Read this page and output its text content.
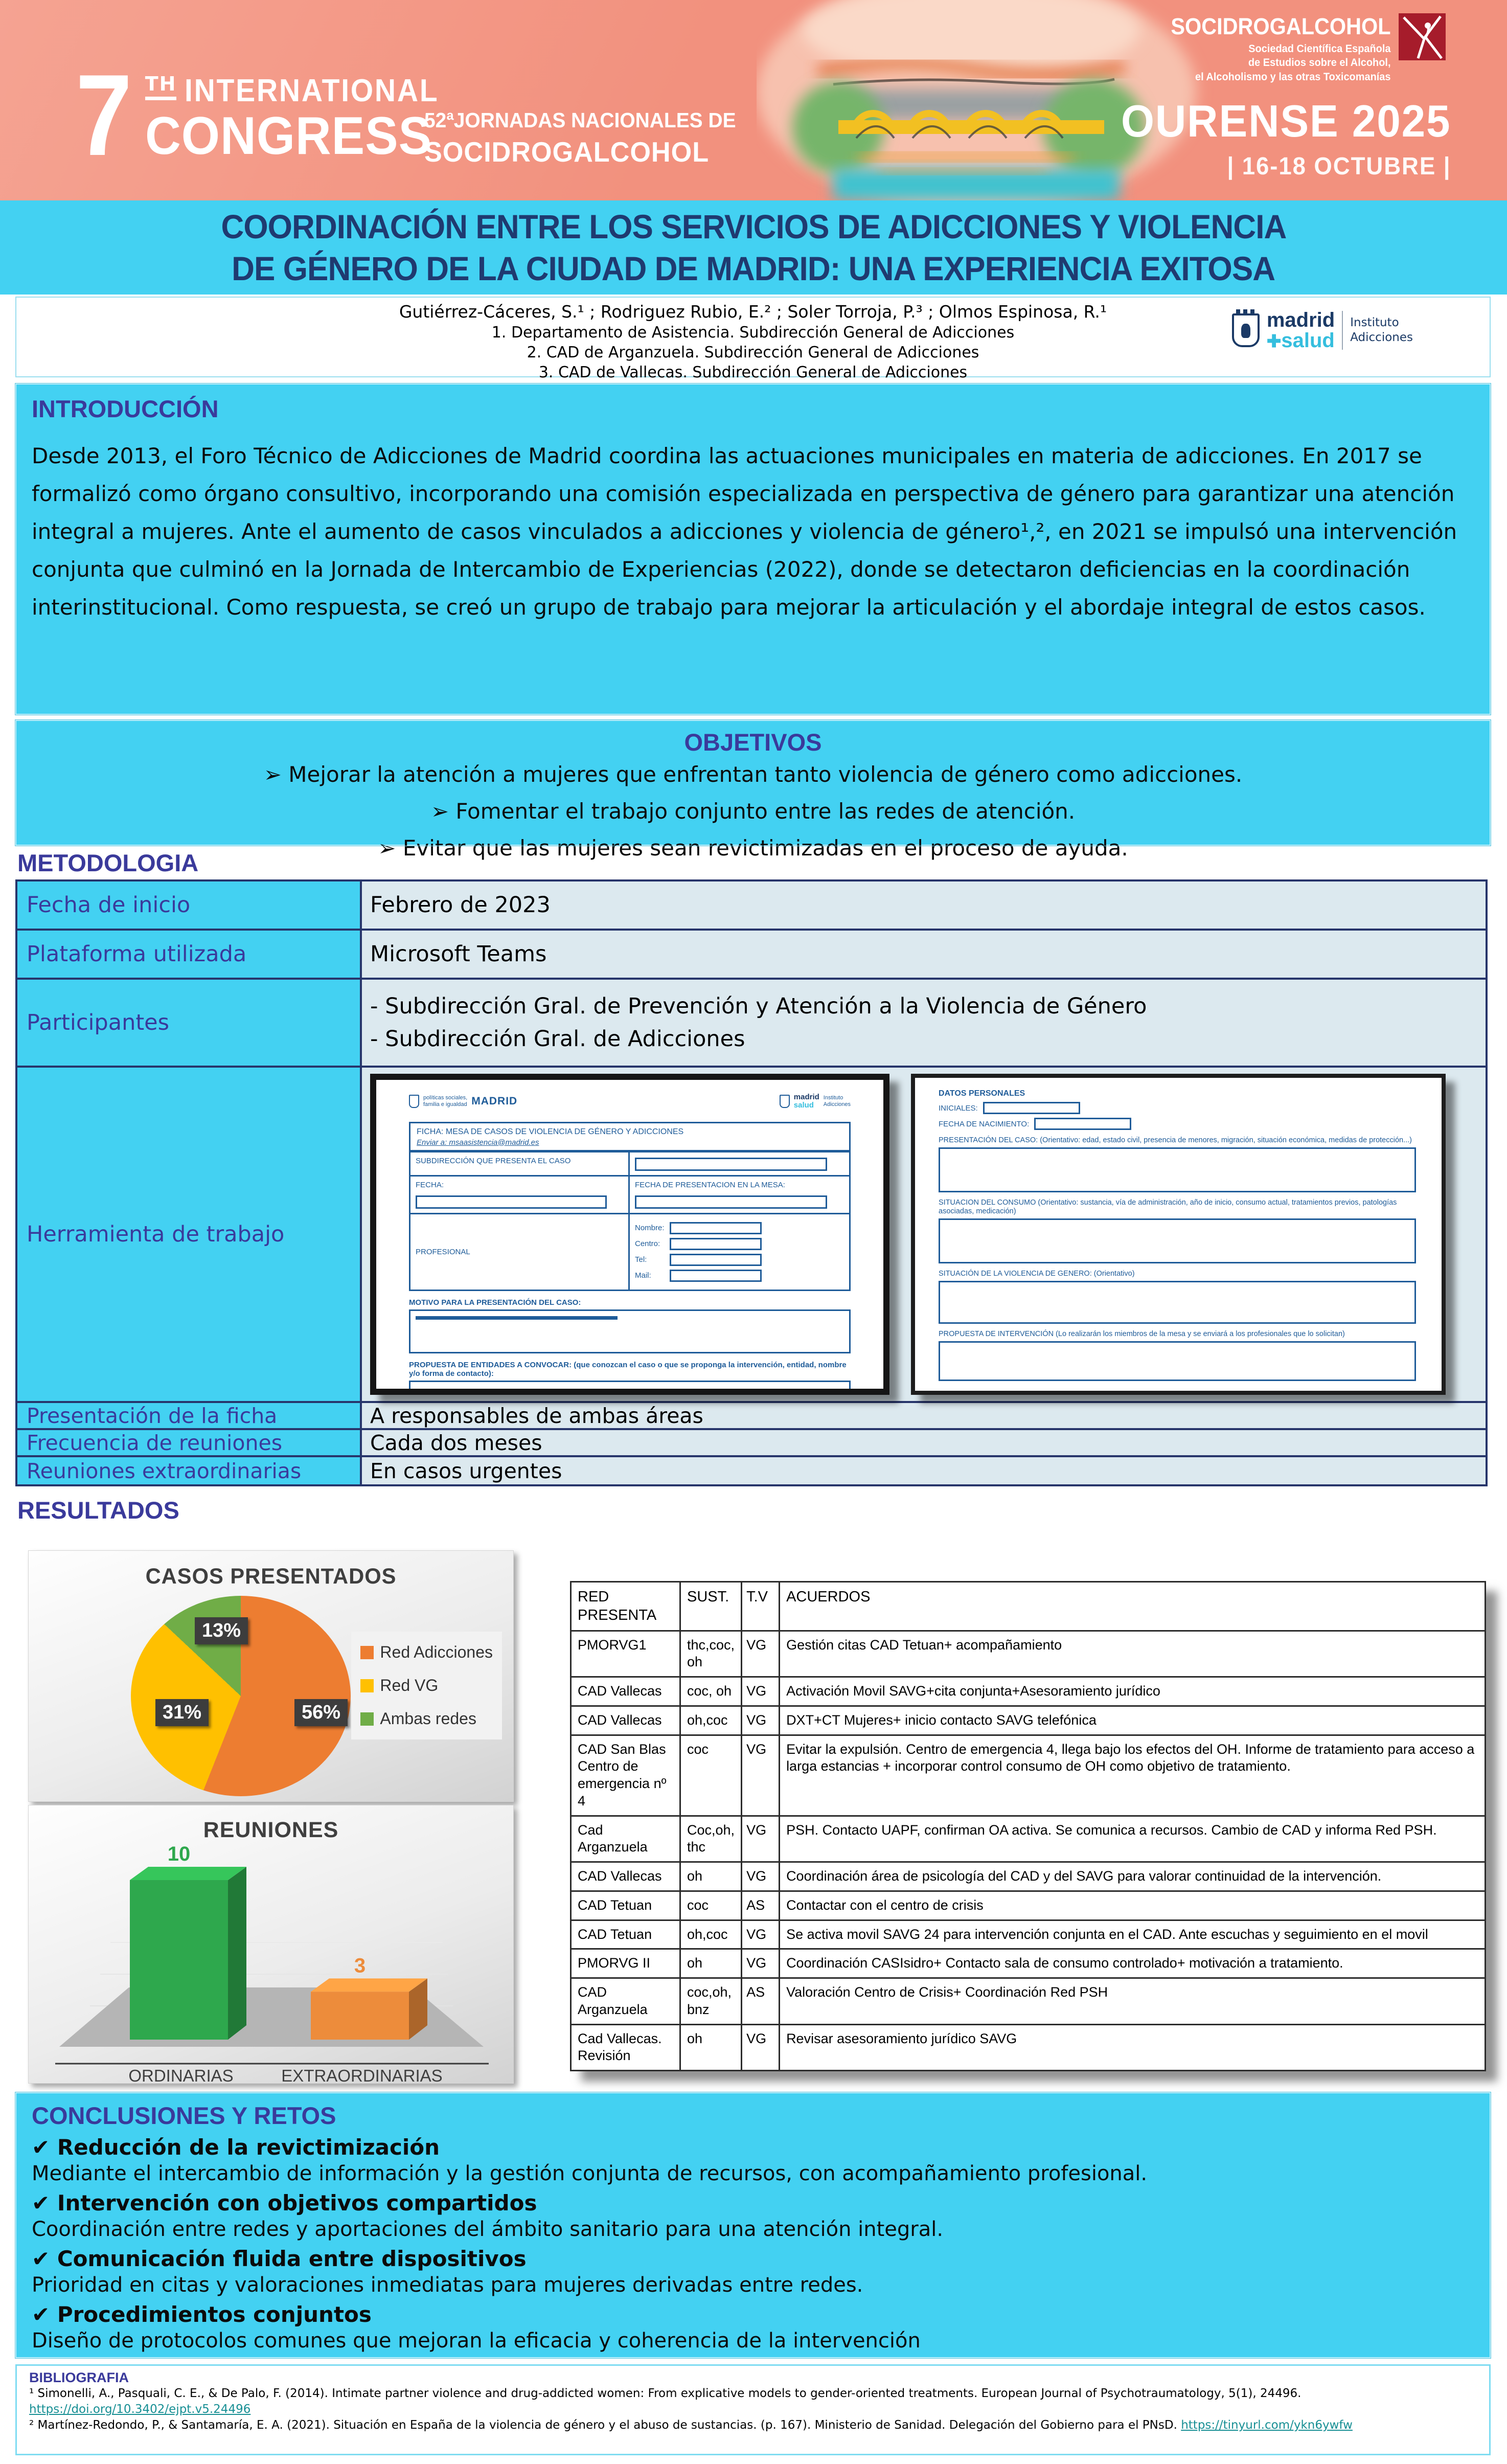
7 TH INTERNATIONAL
CONGRESS
52ªJORNADAS NACIONALES DE
SOCIDROGALCOHOL
OURENSE 2025
| 16-18 OCTUBRE |
SOCIDROGALCOHOL
Sociedad Científica Española
de Estudios sobre el Alcohol,
el Alcoholismo y las otras Toxicomanías
COORDINACIÓN ENTRE LOS SERVICIOS DE ADICCIONES Y VIOLENCIA
DE GÉNERO DE LA CIUDAD DE MADRID: UNA EXPERIENCIA EXITOSA
Gutiérrez-Cáceres, S.¹ ; Rodriguez Rubio, E.² ; Soler Torroja, P.³ ; Olmos Espinosa, R.¹
1. Departamento de Asistencia. Subdirección General de Adicciones
2. CAD de Arganzuela. Subdirección General de Adicciones
3. CAD de Vallecas. Subdirección General de Adicciones
madrid
✚salud
Instituto
Adicciones
INTRODUCCIÓN
Desde 2013, el Foro Técnico de Adicciones de Madrid coordina las actuaciones municipales en materia de adicciones. En 2017 se formalizó como órgano consultivo, incorporando una comisión especializada en perspectiva de género para garantizar una atención integral a mujeres. Ante el aumento de casos vinculados a adicciones y violencia de género¹,², en 2021 se impulsó una intervención conjunta que culminó en la Jornada de Intercambio de Experiencias (2022), donde se detectaron deficiencias en la coordinación interinstitucional. Como respuesta, se creó un grupo de trabajo para mejorar la articulación y el abordaje integral de estos casos.
OBJETIVOS
➢ Mejorar la atención a mujeres que enfrentan tanto violencia de género como adicciones.
➢ Fomentar el trabajo conjunto entre las redes de atención.
➢ Evitar que las mujeres sean revictimizadas en el proceso de ayuda.
METODOLOGIA
Fecha de inicio	Febrero de 2023
Plataforma utilizada	Microsoft Teams
Participantes
- Subdirección Gral. de Prevención y Atención a la Violencia de Género
- Subdirección Gral. de Adicciones
Herramienta de trabajo
políticas sociales,
familia e igualdad MADRID	madrid
salud
Instituto
Adicciones
FICHA: MESA DE CASOS DE VIOLENCIA DE GÉNERO Y ADICCIONES
Enviar a: msaasistencia@madrid.es
SUBDIRECCIÓN QUE PRESENTA EL CASO
FECHA:	FECHA DE PRESENTACION EN LA MESA:
PROFESIONAL
Nombre:
Centro:
Tel:
Mail:
MOTIVO PARA LA PRESENTACIÓN DEL CASO:
PROPUESTA DE ENTIDADES A CONVOCAR: (que conozcan el caso o que se proponga la intervención, entidad, nombre y/o forma de contacto):
DATOS PERSONALES
INICIALES:
FECHA DE NACIMIENTO:
PRESENTACIÓN DEL CASO: (Orientativo: edad, estado civil, presencia de menores, migración, situación económica, medidas de protección...)
SITUACION DEL CONSUMO (Orientativo: sustancia, vía de administración, año de inicio, consumo actual, tratamientos previos, patologías asociadas, medicación)
SITUACIÓN DE LA VIOLENCIA DE GENERO: (Orientativo)
PROPUESTA DE INTERVENCIÓN (Lo realizarán los miembros de la mesa y se enviará a los profesionales que lo solicitan)
Presentación de la ficha	A responsables de ambas áreas
Frecuencia de reuniones	Cada dos meses
Reuniones extraordinarias	En casos urgentes
RESULTADOS
CASOS PRESENTADOS
13%
31%	56%
Red Adicciones
Red VG
Ambas redes
REUNIONES
10
3
ORDINARIAS	EXTRAORDINARIAS
RED PRESENTA	SUST.	T.V	ACUERDOS
PMORVG1	thc,coc, oh	VG	Gestión citas CAD Tetuan+ acompañamiento
CAD Vallecas	coc, oh	VG	Activación Movil SAVG+cita conjunta+Asesoramiento jurídico
CAD Vallecas	oh,coc	VG	DXT+CT Mujeres+ inicio contacto SAVG telefónica
CAD San Blas Centro de emergencia nº 4	coc	VG	Evitar la expulsión. Centro de emergencia 4, llega bajo los efectos del OH. Informe de tratamiento para acceso a larga estancias + incorporar control consumo de OH como objetivo de tratamiento.
Cad Arganzuela	Coc,oh, thc	VG	PSH. Contacto UAPF, confirman OA activa. Se comunica a recursos. Cambio de CAD y informa Red PSH.
CAD Vallecas	oh	VG	Coordinación área de psicología del CAD y del SAVG para valorar continuidad de la intervención.
CAD Tetuan	coc	AS	Contactar con el centro de crisis
CAD Tetuan	oh,coc	VG	Se activa movil SAVG 24 para intervención conjunta en el CAD. Ante escuchas y seguimiento en el movil
PMORVG II	oh	VG	Coordinación CASIsidro+ Contacto sala de consumo controlado+ motivación a tratamiento.
CAD Arganzuela	coc,oh, bnz	AS	Valoración Centro de Crisis+ Coordinación Red PSH
Cad Vallecas. Revisión	oh	VG	Revisar asesoramiento jurídico SAVG
CONCLUSIONES Y RETOS
✔ Reducción de la revictimización
Mediante el intercambio de información y la gestión conjunta de recursos, con acompañamiento profesional.
✔ Intervención con objetivos compartidos
Coordinación entre redes y aportaciones del ámbito sanitario para una atención integral.
✔ Comunicación fluida entre dispositivos
Prioridad en citas y valoraciones inmediatas para mujeres derivadas entre redes.
✔ Procedimientos conjuntos
Diseño de protocolos comunes que mejoran la eficacia y coherencia de la intervención
BIBLIOGRAFIA
¹ Simonelli, A., Pasquali, C. E., & De Palo, F. (2014). Intimate partner violence and drug-addicted women: From explicative models to gender-oriented treatments. European Journal of Psychotraumatology, 5(1), 24496. https://doi.org/10.3402/ejpt.v5.24496
² Martínez-Redondo, P., & Santamaría, E. A. (2021). Situación en España de la violencia de género y el abuso de sustancias. (p. 167). Ministerio de Sanidad. Delegación del Gobierno para el PNsD. https://tinyurl.com/ykn6ywfw
